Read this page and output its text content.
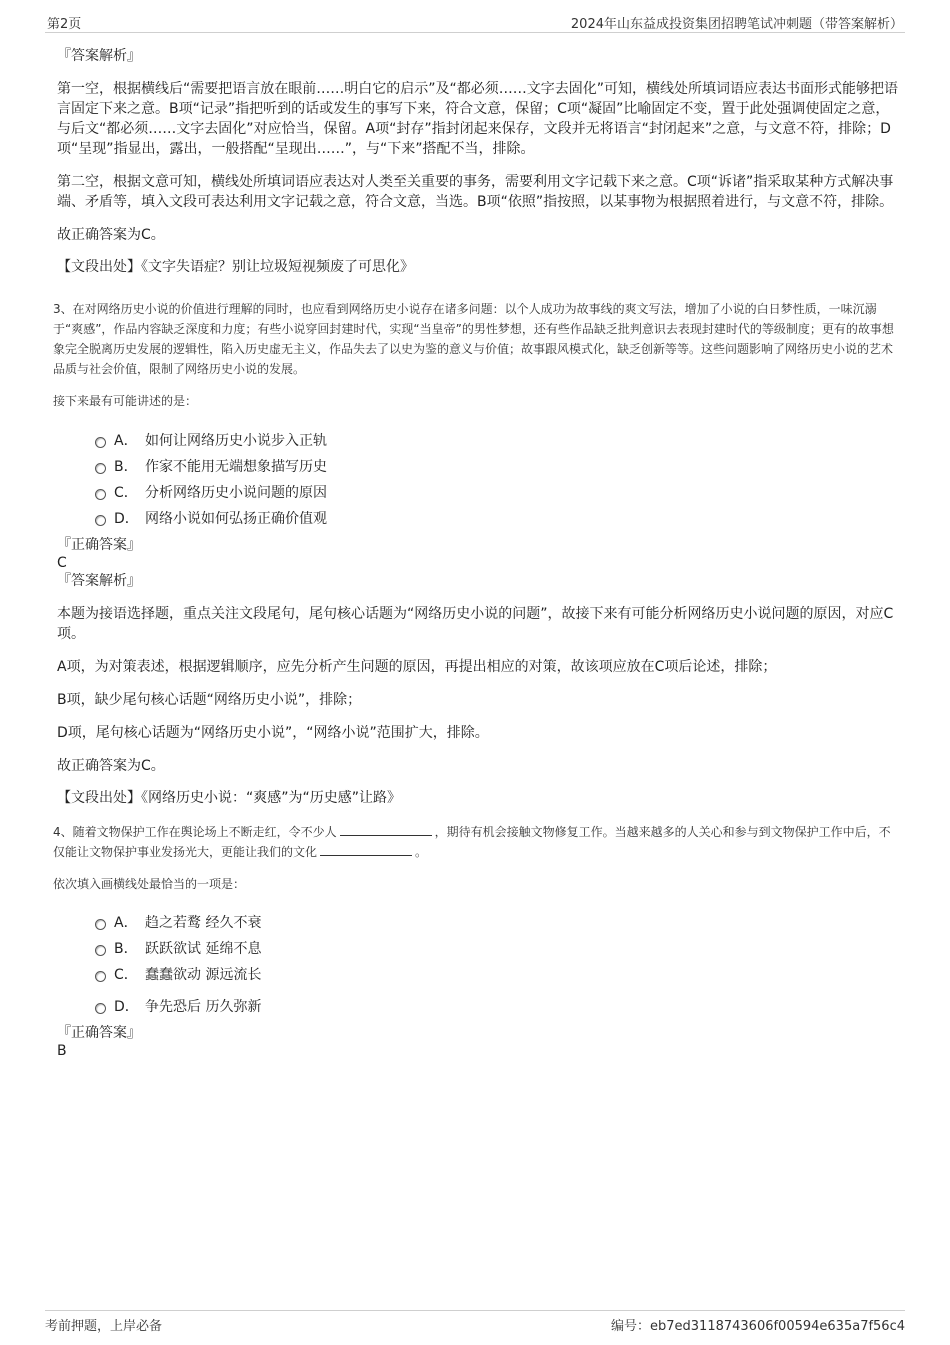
第2页	2024年山东益成投资集团招聘笔试冲刺题（带答案解析）
『答案解析』

第一空，根据横线后“需要把语言放在眼前……明白它的启示”及“都必须……文字去固化”可知，横线处所填词语应表达书面形式能够把语言固定下来之意。B项“记录”指把听到的话或发生的事写下来，符合文意，保留；C项“凝固”比喻固定不变，置于此处强调使固定之意，与后文“都必须……文字去固化”对应恰当，保留。A项“封存”指封闭起来保存，文段并无将语言“封闭起来”之意，与文意不符，排除；D项“呈现”指显出，露出，一般搭配“呈现出……”，与“下来”搭配不当，排除。

第二空，根据文意可知，横线处所填词语应表达对人类至关重要的事务，需要利用文字记载下来之意。C项“诉诸”指采取某种方式解决事端、矛盾等，填入文段可表达利用文字记载之意，符合文意，当选。B项“依照”指按照，以某事物为根据照着进行，与文意不符，排除。

故正确答案为C。

【文段出处】《文字失语症？别让垃圾短视频废了可思化》

3、在对网络历史小说的价值进行理解的同时，也应看到网络历史小说存在诸多问题：以个人成功为故事线的爽文写法，增加了小说的白日梦性质，一味沉溺于“爽感”，作品内容缺乏深度和力度；有些小说穿回封建时代，实现“当皇帝”的男性梦想，还有些作品缺乏批判意识去表现封建时代的等级制度；更有的故事想象完全脱离历史发展的逻辑性，陷入历史虚无主义，作品失去了以史为鉴的意义与价值；故事跟风模式化，缺乏创新等等。这些问题影响了网络历史小说的艺术品质与社会价值，限制了网络历史小说的发展。

接下来最有可能讲述的是：
A． 如何让网络历史小说步入正轨
B． 作家不能用无端想象描写历史
C． 分析网络历史小说问题的原因
D． 网络小说如何弘扬正确价值观
『正确答案』
C
『答案解析』

本题为接语选择题，重点关注文段尾句，尾句核心话题为“网络历史小说的问题”，故接下来有可能分析网络历史小说问题的原因，对应C项。

A项，为对策表述，根据逻辑顺序，应先分析产生问题的原因，再提出相应的对策，故该项应放在C项后论述，排除；

B项，缺少尾句核心话题“网络历史小说”，排除；

D项，尾句核心话题为“网络历史小说”，“网络小说”范围扩大，排除。

故正确答案为C。

【文段出处】《网络历史小说：“爽感”为“历史感”让路》

4、随着文物保护工作在舆论场上不断走红，令不少人	，期待有机会接触文物修复工作。当越来越多的人关心和参与到文物保护工作中后，不仅能让文物保护事业发扬光大，更能让我们的文化	。

依次填入画横线处最恰当的一项是：
A． 趋之若鹜 经久不衰
B． 跃跃欲试 延绵不息
C． 蠢蠢欲动 源远流长
D． 争先恐后 历久弥新
『正确答案』
B
考前押题，上岸必备	编号：eb7ed3118743606f00594e635a7f56c4
